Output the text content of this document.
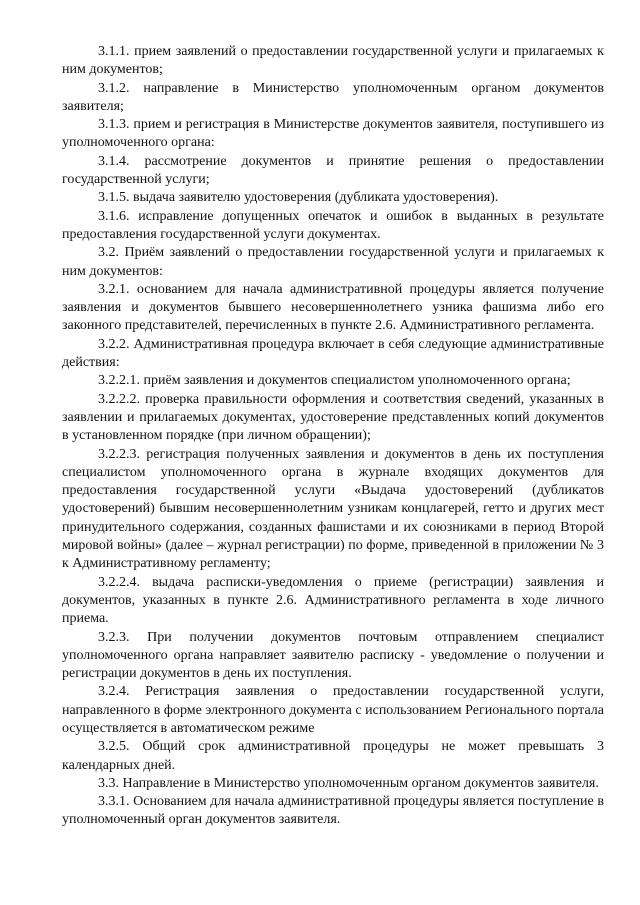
3.1.1. прием заявлений о предоставлении государственной услуги и прилагаемых к ним документов;

3.1.2. направление в Министерство уполномоченным органом документов заявителя;

3.1.3. прием и регистрация в Министерстве документов заявителя, поступившего из уполномоченного органа:

3.1.4. рассмотрение документов и принятие решения о предоставлении государственной услуги;

3.1.5. выдача заявителю удостоверения (дубликата удостоверения).

3.1.6. исправление допущенных опечаток и ошибок в выданных в результате предоставления государственной услуги документах.

3.2. Приём заявлений о предоставлении государственной услуги и прилагаемых к ним документов:

3.2.1. основанием для начала административной процедуры является получение заявления и документов бывшего несовершеннолетнего узника фашизма либо его законного представителей, перечисленных в пункте 2.6. Административного регламента.

3.2.2. Административная процедура включает в себя следующие административные действия:

3.2.2.1. приём заявления и документов специалистом уполномоченного органа;

3.2.2.2. проверка правильности оформления и соответствия сведений, указанных в заявлении и прилагаемых документах, удостоверение представленных копий документов в установленном порядке (при личном обращении);

3.2.2.3. регистрация полученных заявления и документов в день их поступления специалистом уполномоченного органа в журнале входящих документов для предоставления государственной услуги «Выдача удостоверений (дубликатов удостоверений) бывшим несовершеннолетним узникам концлагерей, гетто и других мест принудительного содержания, созданных фашистами и их союзниками в период Второй мировой войны» (далее – журнал регистрации) по форме, приведенной в приложении № 3 к Административному регламенту;

3.2.2.4. выдача расписки-уведомления о приеме (регистрации) заявления и документов, указанных в пункте 2.6. Административного регламента в ходе личного приема.

3.2.3. При получении документов почтовым отправлением специалист уполномоченного органа направляет заявителю расписку - уведомление о получении и регистрации документов в день их поступления.

3.2.4. Регистрация заявления о предоставлении государственной услуги, направленного в форме электронного документа с использованием Регионального портала осуществляется в автоматическом режиме

3.2.5. Общий срок административной процедуры не может превышать 3 календарных дней.

3.3. Направление в Министерство уполномоченным органом документов заявителя.

3.3.1. Основанием для начала административной процедуры является поступление в уполномоченный орган документов заявителя.
